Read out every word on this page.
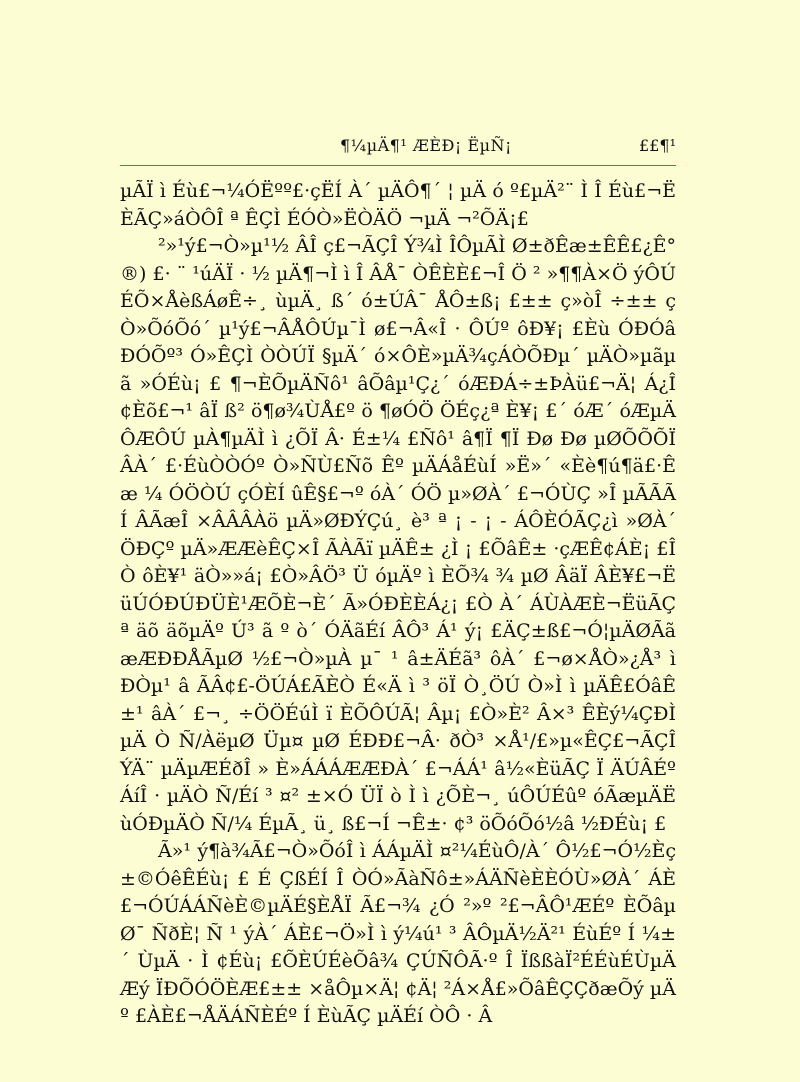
¶¼µÄ¶¹ ÆÈÐ¡ ËµÑ¡	££¶¹

µÃÏ ì Éù£¬¼ÓËºº£·çËÍ À´ µÄÔ¶´ ¦ µÄ ó º£µÄ²¨ Ì Î Éù£¬ËÈÃÇ»áÒÔÎ ª ÊÇÌ ÉÓÒ»ËÒÄÖ ¬µÄ ¬²ÕÄ¡£

²»¹ý£¬Ò»µ¹½ ÂÎ ç£¬ÃÇÎ Ý¾Ì ÎÔµÃÌ Ø±ðÊæ±ÊÊ£¿Ê° ®) £· ¨ ¹úÄÏ · ½ µÄ¶¬Ì ì Î ÂÅ¯ ÒÊÈÈ£¬Î Ö ² »¶¶À×Ö ýÔÚÉÕ×ÅèßÁøÊ÷¸ ùµÄ¸ ß´ ó±ÚÂ¯ ÅÔ±ß¡ £±± ç»òÎ ÷±± çÒ»ÕóÕó´ µ¹ý£¬ÂÅÔÚµ¯Ì ø£¬Â«Î · ÔÚº ôÐ¥¡ £Èù ÓÐÓâÐÓÕº³ Ó»ÊÇÌ ÒÒÚÏ §µÄ´ ó×ÔÈ»µÄ¾çÁÒÕÐµ´ µÄÒ»µãµã »ÓÉù¡ £ ¶¬ÈÕµÄÑô¹ âÕâµ¹Ç¿´ óÆÐÁ÷±ÞÀü£¬Ä¦ Á¿Î ¢Èõ£¬¹ âÏ ß² ö¶ø¾ÙÅ£º ö ¶øÓÖ ÖÉç¿ª È¥¡ £´ óÆ´ óÆµÄÔÆÔÚ µÀ¶µÄÌ ì ¿ÕÏ Â· É±¼ £Ñô¹ â¶Ï ¶Ï Ðø Ðø µØÕÕÕÏ ÂÀ´ £·ÉùÒÒÓº Ò»ÑÙ£Ñõ Êº µÄÁåÉùÍ »Ë»´ «Èè¶ú¶ä£·Êæ ¼ ÓÖÒÚ çÓÈÍ ûÊ§£¬º óÀ´ ÓÖ µ»ØÀ´ £¬ÓÙÇ »Î µÃÃÃÍ ÂÃæÎ ×ÂÂÂÀö µÄ»ØÐÝÇú¸ è³ ª ¡ - ¡ - ÁÔÈÓÃÇ¿ì »ØÀ´ ÖÐÇº µÄ»ÆÆèÊÇ×Î ÃÀÃï µÄÊ± ¿Ì ¡ £ÕâÊ± ·çÆÊ¢ÁÈ¡ £Î Ò ôÈ¥¹ äÒ»»á¡ £Ò»ÂÖ³ Ü óµÄº ì ÈÕ¾ ¾ µØ ÂäÏ ÂÈ¥£¬ËüÚÓÐÚÐÜÈ¹ÆÕÈ¬È´ Ã»ÓÐÈÈÁ¿¡ £Ò À´ ÁÙÀÆÈ¬ËüÃÇª äõ äõµÄº Ú³ ã º ò´ ÓÄãÉí ÂÔ³ Á¹ ý¡ £ÄÇ±ß£¬Ó¦µÄØÃãæÆÐÐÅÃµØ ½£¬Ò»µÀ µ¯ ¹ â±ÄÉã³ ôÀ´ £¬ø×ÅÒ»¿Å³ ì ÐÒµ¹ â ÃÂ¢£-ÖÚÁ£ÃÈÒ É«Ä ì ³ öÏ Ò¸ÖÚ Ò»Ì ì µÄÊ£ÓâÊ±¹ âÀ´ £¬¸ ÷ÖÖÉúÌ ï ÈÕÔÚÃ¦ Âµ¡ £Ò»È² Â×³ ÊÈý¼ÇÐÌ µÄ Ò Ñ/ÀëµØ Üµ¤ µØ ÉÐÐ£¬Â· ðÒ³ ×Å¹/£»µ«ÊÇ£¬ÃÇÎ ÝÄ¨ µÄµÆÉðÎ » È»ÁÁÁÆÆÐÀ´ £¬ÁÁ¹ â½«ÈüÃÇ Ï ÄÚÂÉº ÁíÎ · µÄÒ Ñ/Éí ³ ¤² ±×Ó ÜÏ ò Ì ì ¿ÕÈ¬¸ úÔÚÉûº óÃæµÄËùÓÐµÄÒ Ñ/¼ ÉµÃ¸ ü¸ ß£¬Í ¬Ê±· ¢³ öÕóÕó½â ½ÐÉù¡ £

Ã»¹ ý¶à¾Ã£¬Ò»ÕóÎ ì ÁÁµÄÌ ¤²¼ÉùÔ/À´ Ô½£¬Ó½Èç±©ÓêÊÉù¡ £ É ÇßÉÍ Î ÒÓ»ÃàÑô±»ÁÄÑèÈÈÓÙ»ØÀ´ ÁÈ£¬ÓÚÁÁÑèÈ©µÄÉ§ÈÅÏ Ã£¬¾ ¿Ó ²»º ²£¬ÂÔ¹ÆÉº ÈÕâµØ¯ ÑðÈ¦ Ñ ¹ ýÀ´ ÁÈ£¬Ö»Ì ì ý¼ú¹ ³ ÂÔµÄ½Ä²¹ ÉùÉº Í ¼±´ ÙµÄ · Ì ¢Éù¡ £ÕÈÚÉèÕâ¾ ÇÚÑÔÃ·º Î ÏßßàÏ²ÉÉùÉÙµÄÆý ÏÐÕÓÖÈÆ£±± ×åÔµ×Ä¦ ¢Ä¦ ²Á×Å£»ÕâÊÇÇðæÕý µÄº £ÀÈ£¬ÅÄÁÑÈÉº Í ÈùÃÇ µÄÉí ÒÔ · Â
